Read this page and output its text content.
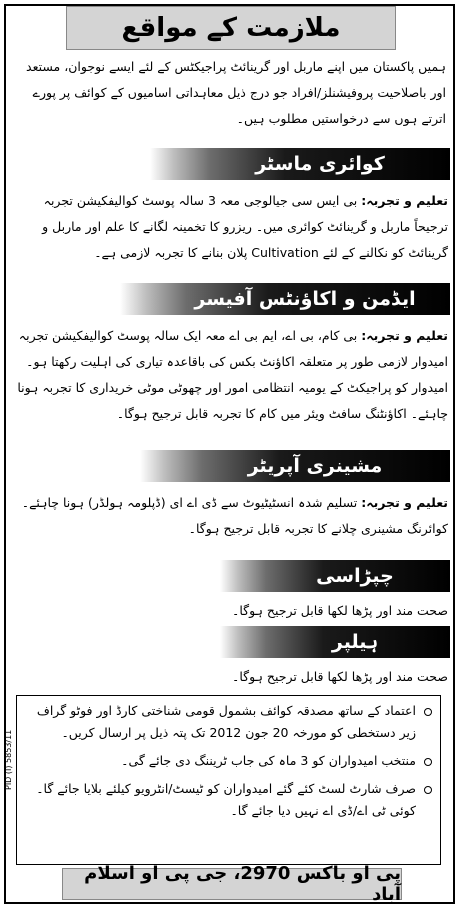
ملازمت کے مواقع
ہمیں پاکستان میں اپنے ماربل اور گرینائٹ پراجیکٹس کے لئے ایسے نوجوان، مستعد اور باصلاحیت پروفیشنلز/افراد جو درج ذیل معاہداتی اسامیوں کے کوائف پر پورے اترتے ہوں سے درخواستیں مطلوب ہیں۔
کوائری ماسٹر
تعلیم و تجربہ: بی ایس سی جیالوجی معہ 3 سالہ پوسٹ کوالیفکیشن تجربہ ترجیحاً ماربل و گرینائٹ کوائری میں۔ ریزرو کا تخمینہ لگانے کا علم اور ماربل و گرینائٹ کو نکالنے کے لئے Cultivation پلان بنانے کا تجربہ لازمی ہے۔
ایڈمن و اکاؤنٹس آفیسر
تعلیم و تجربہ: بی کام، بی اے، ایم بی اے معہ ایک سالہ پوسٹ کوالیفکیشن تجربہ امیدوار لازمی طور پر متعلقہ اکاؤنٹ بکس کی باقاعدہ تیاری کی اہلیت رکھتا ہو۔ امیدوار کو پراجیکٹ کے یومیہ انتظامی امور اور چھوٹی موٹی خریداری کا تجربہ ہونا چاہئے۔ اکاؤنٹنگ سافٹ ویئر میں کام کا تجربہ قابل ترجیح ہوگا۔
مشینری آپریٹر
تعلیم و تجربہ: تسلیم شدہ انسٹیٹیوٹ سے ڈی اے ای (ڈپلومہ ہولڈر) ہونا چاہئے۔ کوائرنگ مشینری چلانے کا تجربہ قابل ترجیح ہوگا۔
چپڑاسی
صحت مند اور پڑھا لکھا قابل ترجیح ہوگا۔
ہیلپر
صحت مند اور پڑھا لکھا قابل ترجیح ہوگا۔
PID (I) 5853/11
اعتماد کے ساتھ مصدقہ کوائف بشمول قومی شناختی کارڈ اور فوٹو گراف زیر دستخطی کو مورخہ 20 جون 2012 تک پتہ ذیل پر ارسال کریں۔
منتخب امیدواران کو 3 ماہ کی جاب ٹریننگ دی جائے گی۔
صرف شارٹ لسٹ کئے گئے امیدواران کو ٹیسٹ/انٹرویو کیلئے بلایا جائے گا۔ کوئی ٹی اے/ڈی اے نہیں دیا جائے گا۔
پی او باکس 2970، جی پی او اسلام آباد
